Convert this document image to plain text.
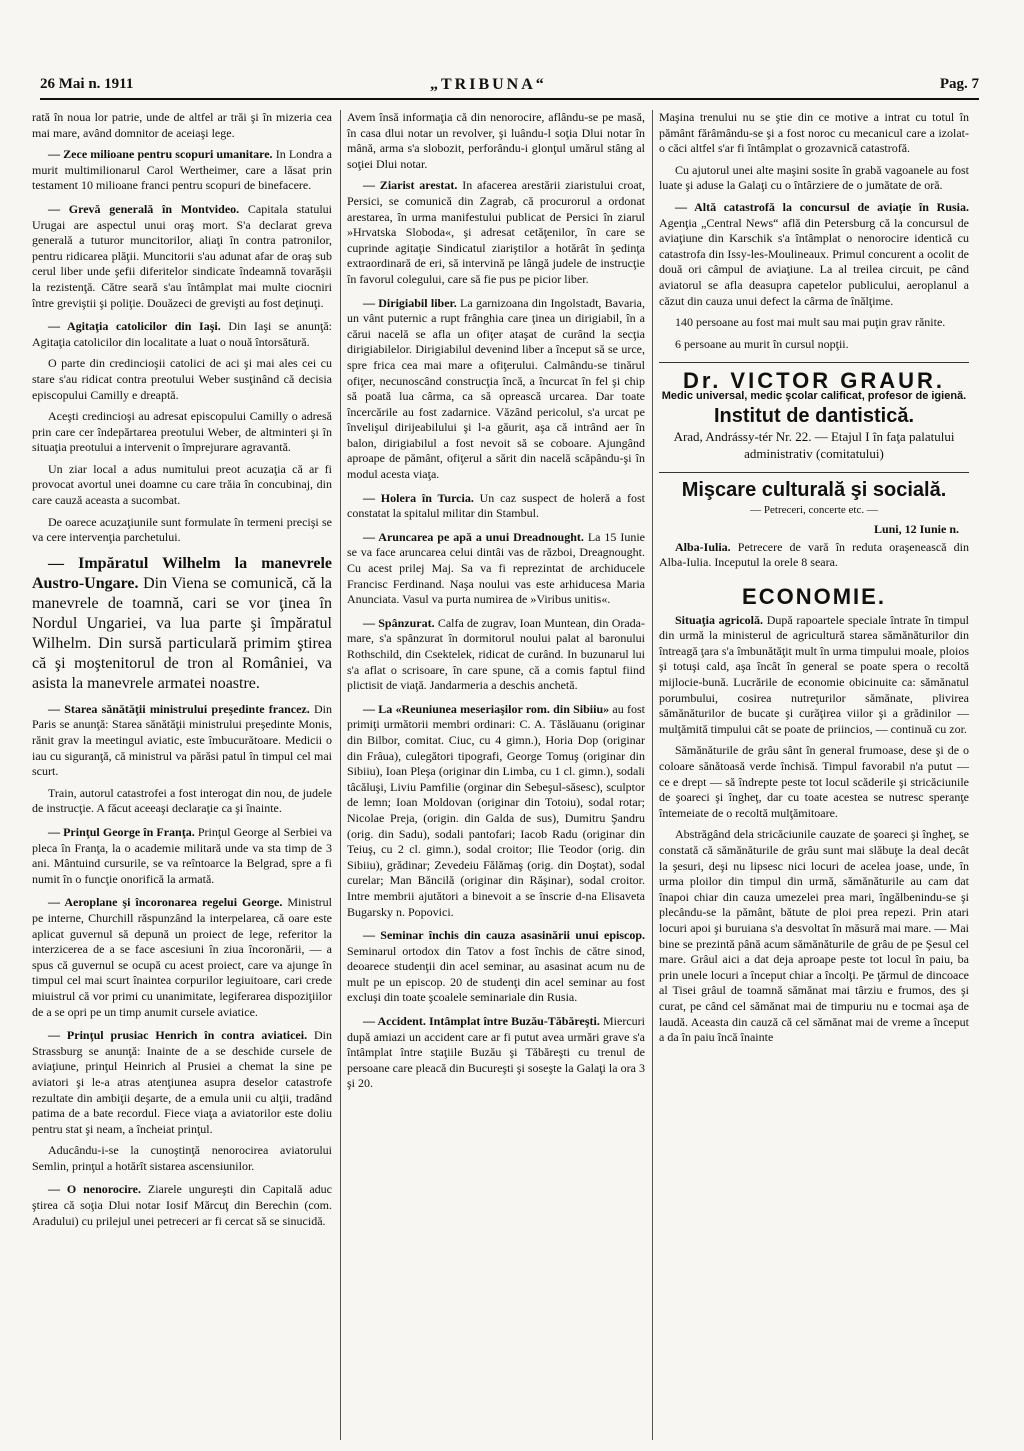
26 Mai n. 1911	„TRIBUNA“	Pag. 7

rată în noua lor patrie, unde de altfel ar trăi şi în mizeria cea mai mare, având domnitor de aceiaşi lege.

— Zece milioane pentru scopuri umanitare. In Londra a murit multimilionarul Carol Wertheimer, care a lăsat prin testament 10 milioane franci pentru scopuri de binefacere.

— Grevă generală în Montvideo. Capitala statului Urugai are aspectul unui oraş mort. S'a declarat greva generală a tuturor muncitorilor, aliaţi în contra patronilor, pentru ridicarea plăţii. Muncitorii s'au adunat afar de oraş sub cerul liber unde şefii diferitelor sindicate îndeamnă tovarăşii la rezistenţă. Către seară s'au întâmplat mai multe ciocniri între greviştii şi poliţie. Douăzeci de grevişti au fost deţinuţi.

— Agitaţia catolicilor din Iaşi. Din Iaşi se anunţă: Agitaţia catolicilor din localitate a luat o nouă întorsătură.

O parte din credincioşii catolici de aci şi mai ales cei cu stare s'au ridicat contra preotului Weber susţinând că decisia episcopului Camilly e dreaptă.

Aceşti credincioşi au adresat episcopului Camilly o adresă prin care cer îndepărtarea preotului Weber, de altminteri şi în situaţia preotului a intervenit o împrejurare agravantă.

Un ziar local a adus numitului preot acuzaţia că ar fi provocat avortul unei doamne cu care trăia în concubinaj, din care cauză aceasta a sucombat.

De oarece acuzaţiunile sunt formulate în termeni precişi se va cere intervenţia parchetului.

— Impăratul Wilhelm la manevrele Austro-Ungare. Din Viena se comunică, că la manevrele de toamnă, cari se vor ţinea în Nordul Ungariei, va lua parte şi împăratul Wilhelm. Din sursă particulară primim ştirea că şi moştenitorul de tron al României, va asista la manevrele armatei noastre.

— Starea sănătăţii ministrului preşedinte francez. Din Paris se anunţă: Starea sănătăţii ministrului preşedinte Monis, rănit grav la meetingul aviatic, este îmbucurătoare. Medicii o iau cu siguranţă, că ministrul va părăsi patul în timpul cel mai scurt.

Train, autorul catastrofei a fost interogat din nou, de judele de instrucţie. A făcut aceeaşi declaraţie ca şi înainte.

— Prinţul George în Franţa. Prinţul George al Serbiei va pleca în Franţa, la o academie militară unde va sta timp de 3 ani. Mântuind cursurile, se va reîntoarce la Belgrad, spre a fi numit în o funcţie onorifică la armată.

— Aeroplane şi încoronarea regelui George. Ministrul pe interne, Churchill răspunzând la interpelarea, că oare este aplicat guvernul să depună un proiect de lege, referitor la interzicerea de a se face ascesiuni în ziua încoronării, — a spus că guvernul se ocupă cu acest proiect, care va ajunge în timpul cel mai scurt înaintea corpurilor legiuitoare, cari crede miuistrul că vor primi cu unanimitate, legiferarea dispoziţiilor de a se opri pe un timp anumit cursele aviatice.

— Prinţul prusiac Henrich în contra aviaticei. Din Strassburg se anunţă: Inainte de a se deschide cursele de aviaţiune, prinţul Heinrich al Prusiei a chemat la sine pe aviatori şi le-a atras atenţiunea asupra deselor catastrofe rezultate din ambiţii deşarte, de a emula unii cu alţii, tradând patima de a bate recordul. Fiece viaţa a aviatorilor este doliu pentru stat şi neam, a încheiat prinţul.

Aducându-i-se la cunoştinţă nenorocirea aviatorului Semlin, prinţul a hotărît sistarea ascensiunilor.

— O nenorocire. Ziarele ungureşti din Capitală aduc ştirea că soţia Dlui notar Iosif Mărcuţ din Berechin (com. Aradului) cu prilejul unei petreceri ar fi cercat să se sinucidă.

Avem însă informaţia că din nenorocire, aflându-se pe masă, în casa dlui notar un revolver, şi luându-l soţia Dlui notar în mână, arma s'a slobozit, perforându-i glonţul umărul stâng al soţiei Dlui notar.

— Ziarist arestat. In afacerea arestării ziaristului croat, Persici, se comunică din Zagrab, că procurorul a ordonat arestarea, în urma manifestului publicat de Persici în ziarul »Hrvatska Sloboda«, şi adresat cetăţenilor, în care se cuprinde agitaţie Sindicatul ziariştilor a hotărât în şedinţa extraordinară de eri, să intervină pe lângă judele de instrucţie în favorul colegului, care să fie pus pe picior liber.

— Dirigiabil liber. La garnizoana din Ingolstadt, Bavaria, un vânt puternic a rupt frânghia care ţinea un dirigiabil, în a cărui nacelă se afla un ofiţer ataşat de curând la secţia dirigiabilelor. Dirigiabilul devenind liber a început să se urce, spre frica cea mai mare a ofiţerului. Calmându-se tinărul ofiţer, necunoscând construcţia încă, a încurcat în fel şi chip să poată lua cârma, ca să oprească urcarea. Dar toate încercările au fost zadarnice. Văzând pericolul, s'a urcat pe învelişul dirijeabilului şi l-a găurit, aşa că intrând aer în balon, dirigiabilul a fost nevoit să se coboare. Ajungând aproape de pământ, ofiţerul a sărit din nacelă scăpându-şi în modul acesta viaţa.

— Holera în Turcia. Un caz suspect de holeră a fost constatat la spitalul militar din Stambul.

— Aruncarea pe apă a unui Dreadnought. La 15 Iunie se va face aruncarea celui dintâi vas de război, Dreagnought. Cu acest prilej Maj. Sa va fi reprezintat de archiducele Francisc Ferdinand. Naşa noului vas este arhiducesa Maria Anunciata. Vasul va purta numirea de »Viribus unitis«.

— Spânzurat. Calfa de zugrav, Ioan Muntean, din Orada-mare, s'a spânzurat în dormitorul noului palat al baronului Rothschild, din Csektelek, ridicat de curând. In buzunarul lui s'a aflat o scrisoare, în care spune, că a comis faptul fiind plictisit de viaţă. Jandarmeria a deschis anchetă.

— La «Reuniunea meseriaşilor rom. din Sibiiu» au fost primiţi următorii membri ordinari: C. A. Tăslăuanu (originar din Bilbor, comitat. Ciuc, cu 4 gimn.), Horia Dop (originar din Frâua), culegători tipografi, George Tomuş (originar din Sibiiu), Ioan Pleşa (originar din Limba, cu 1 cl. gimn.), sodali tâcăluşi, Liviu Pamfilie (orginar din Sebeşul-săsesc), sculptor de lemn; Ioan Moldovan (originar din Totoiu), sodal rotar; Nicolae Preja, (origin. din Galda de sus), Dumitru Şandru (orig. din Sadu), sodali pantofari; Iacob Radu (originar din Teiuş, cu 2 cl. gimn.), sodal croitor; Ilie Teodor (orig. din Sibiiu), grădinar; Zevedeiu Fălămaş (orig. din Doştat), sodal curelar; Man Băncilă (originar din Răşinar), sodal croitor. Intre membrii ajutători a binevoit a se înscrie d-na Elisaveta Bugarsky n. Popovici.

— Seminar închis din cauza asasinării unui episcop. Seminarul ortodox din Tatov a fost închis de către sinod, deoarece studenţii din acel seminar, au asasinat acum nu de mult pe un episcop. 20 de studenţi din acel seminar au fost excluşi din toate şcoalele seminariale din Rusia.

— Accident. Intâmplat între Buzău-Tăbăreşti. Miercuri după amiazi un accident care ar fi putut avea urmări grave s'a întâmplat între staţiile Buzău şi Tăbăreşti cu trenul de persoane care pleacă din Bucureşti şi soseşte la Galaţi la ora 3 şi 20.

Maşina trenului nu se ştie din ce motive a intrat cu totul în pământ fărâmându-se şi a fost noroc cu mecanicul care a izolat-o căci altfel s'ar fi întâmplat o grozavnică catastrofă.

Cu ajutorul unei alte maşini sosite în grabă vagoanele au fost luate şi aduse la Galaţi cu o întârziere de o jumătate de oră.

— Altă catastrofă la concursul de aviaţie în Rusia. Agenţia „Central News“ află din Petersburg că la concursul de aviaţiune din Karschik s'a întâmplat o nenorocire identică cu catastrofa din Issy-les-Moulineaux. Primul concurent a ocolit de două ori câmpul de aviaţiune. La al treilea circuit, pe când aviatorul se afla deasupra capetelor publicului, aeroplanul a căzut din cauza unui defect la cârma de înălţime.

140 persoane au fost mai mult sau mai puţin grav rănite.

6 persoane au murit în cursul nopţii.

Dr. VICTOR GRAUR.
Medic universal, medic şcolar calificat, profesor de igienă.
Institut de dantistică.
Arad, Andrássy-tér Nr. 22. — Etajul I în faţa palatului administrativ (comitatului)
Mişcare culturală şi socială.
— Petreceri, concerte etc. —
Luni, 12 Iunie n.

Alba-Iulia. Petrecere de vară în reduta oraşenească din Alba-Iulia. Inceputul la orele 8 seara.

ECONOMIE.

Situaţia agricolă. După rapoartele speciale întrate în timpul din urmă la ministerul de agricultură starea sămănăturilor din întreagă ţara s'a îmbunătăţit mult în urma timpului moale, ploios şi totuşi cald, aşa încât în general se poate spera o recoltă mijlocie-bună. Lucrările de economie obicinuite ca: sămănatul porumbului, cosirea nutreţurilor sămănate, plivirea sămănăturilor de bucate şi curăţirea viilor şi a grădinilor — mulţămită timpului cât se poate de priincios, — continuă cu zor.

Sămănăturile de grâu sânt în general frumoase, dese şi de o coloare sănătoasă verde închisă. Timpul favorabil n'a putut — ce e drept — să îndrepte peste tot locul scăderile şi stricăciunile de şoareci şi îngheţ, dar cu toate acestea se nutresc speranţe întemeiate de o recoltă mulţămitoare.

Abstrăgând dela stricăciunile cauzate de şoareci şi îngheţ, se constată că sămănăturile de grâu sunt mai slăbuţe la deal decât la şesuri, deşi nu lipsesc nici locuri de acelea joase, unde, în urma ploilor din timpul din urmă, sămănăturile au cam dat înapoi chiar din cauza umezelei prea mari, îngălbenindu-se şi plecându-se la pământ, bătute de ploi prea repezi. Prin atari locuri apoi şi buruiana s'a desvoltat în măsură mai mare. — Mai bine se prezintă până acum sămănăturile de grâu de pe Şesul cel mare. Grâul aici a dat deja aproape peste tot locul în paiu, ba prin unele locuri a început chiar a încolţi. Pe ţărmul de dincoace al Tisei grâul de toamnă sămănat mai târziu e frumos, des şi curat, pe când cel sămănat mai de timpuriu nu e tocmai aşa de laudă. Aceasta din cauză că cel sămănat mai de vreme a început a da în paiu încă înainte
